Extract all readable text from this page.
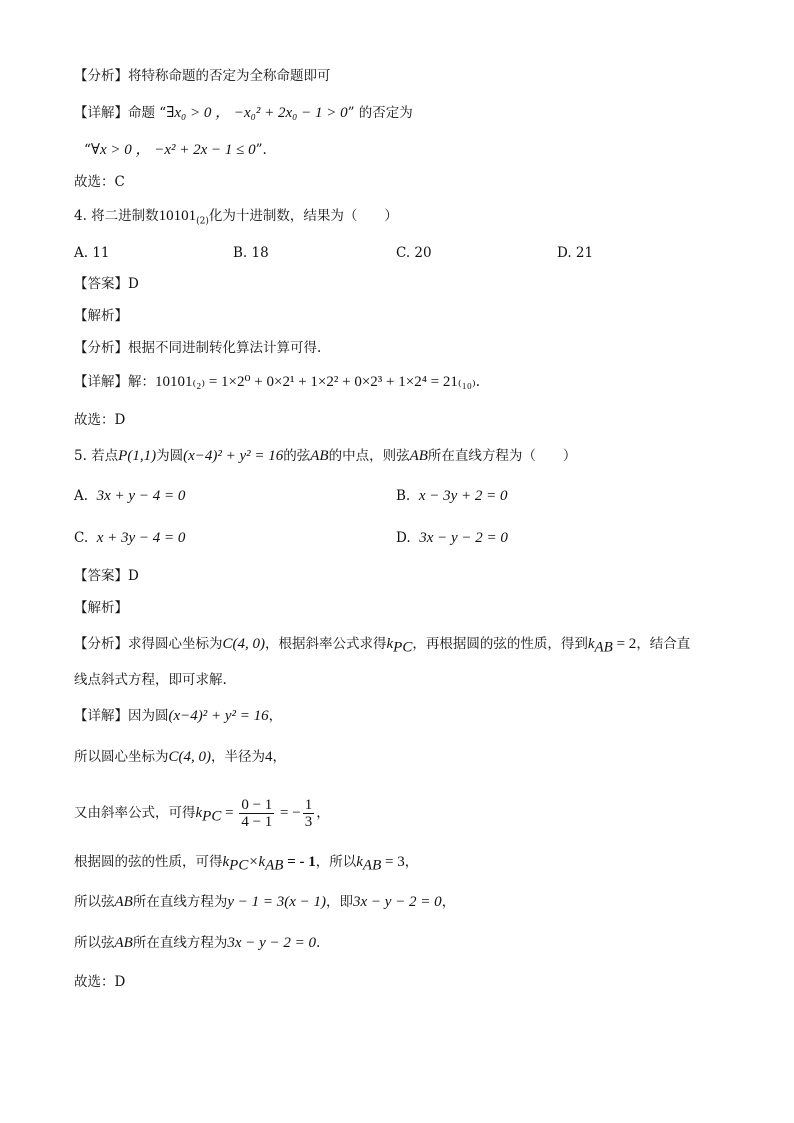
【分析】将特称命题的否定为全称命题即可
【详解】命题 “∃x₀ > 0 ， −x₀² + 2x₀ − 1 > 0” 的否定为
“∀x > 0 ， −x² + 2x − 1 ≤ 0”.
故选：C
4. 将二进制数$10101_{(2)}$化为十进制数，结果为（　　）
A. 11	B. 18	C. 20	D. 21
【答案】D
【解析】
【分析】根据不同进制转化算法计算可得.
【详解】解：10101₍₂₎ = 1×2⁰ + 0×2¹ + 1×2² + 0×2³ + 1×2⁴ = 21₍₁₀₎.
故选：D
5. 若点P(1,1)为圆(x−4)² + y² = 16的弦AB的中点，则弦AB所在直线方程为（　　）
A. 3x + y − 4 = 0	B. x − 3y + 2 = 0
C. x + 3y − 4 = 0	D. 3x − y − 2 = 0
【答案】D
【解析】
【分析】求得圆心坐标为C(4, 0)，根据斜率公式求得$k_{PC}$，再根据圆的弦的性质，得到$k_{AB} = 2$，结合直
线点斜式方程，即可求解.
【详解】因为圆(x−4)² + y² = 16，
所以圆心坐标为C(4, 0)，半径为4，
又由斜率公式，可得$k_{PC} = \frac{0 - 1}{4 - 1}$ = − $\frac{1}{3}$ ，
根据圆的弦的性质，可得$k_{PC}\times k_{AB}$ = - 1，所以$k_{AB} = 3$，
所以弦AB所在直线方程为y − 1 = 3(x − 1)，即3x − y − 2 = 0，
所以弦AB所在直线方程为3x − y − 2 = 0.
故选：D
